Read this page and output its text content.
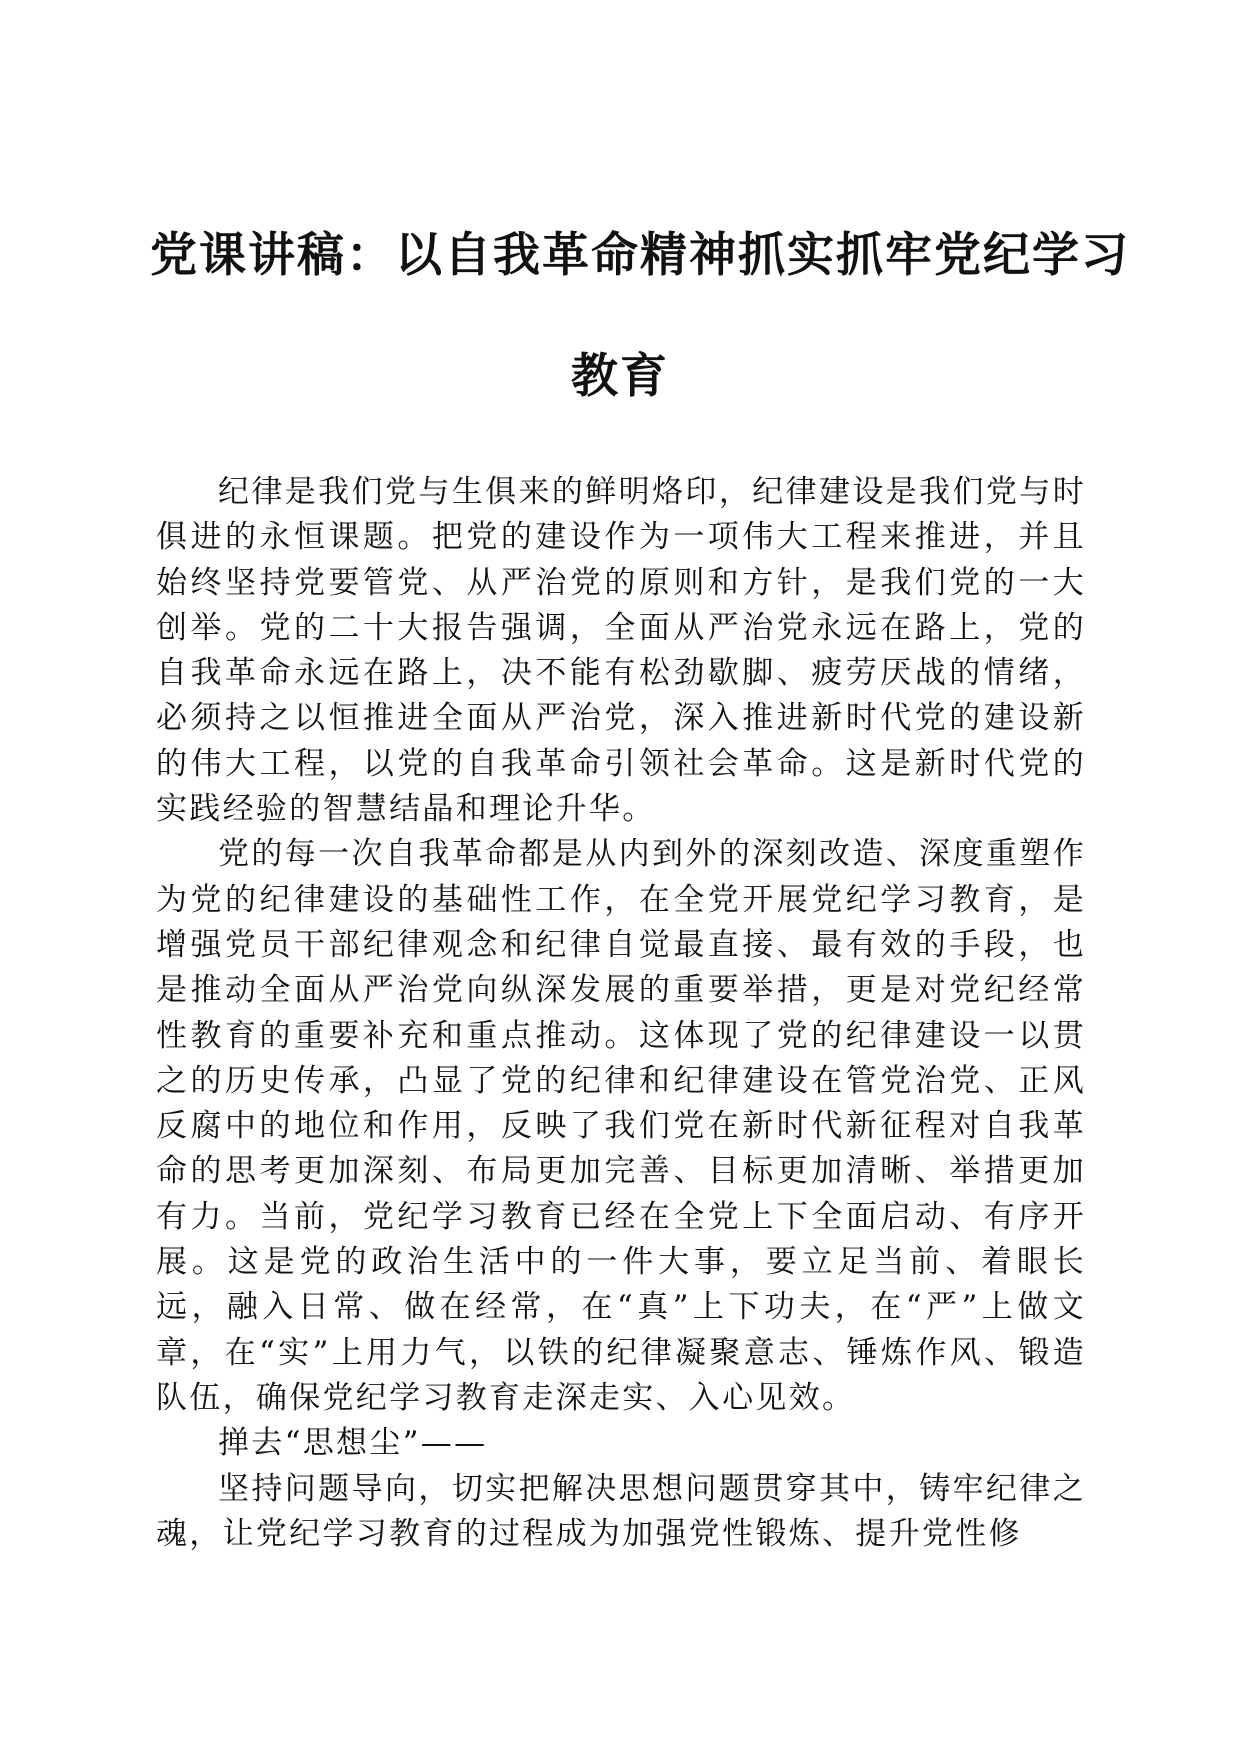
党课讲稿：以自我革命精神抓实抓牢党纪学习
教育

纪律是我们党与生俱来的鲜明烙印，纪律建设是我们党与时俱进的永恒课题。把党的建设作为一项伟大工程来推进，并且始终坚持党要管党、从严治党的原则和方针，是我们党的一大创举。党的二十大报告强调，全面从严治党永远在路上，党的自我革命永远在路上，决不能有松劲歇脚、疲劳厌战的情绪，必须持之以恒推进全面从严治党，深入推进新时代党的建设新的伟大工程，以党的自我革命引领社会革命。这是新时代党的实践经验的智慧结晶和理论升华。

党的每一次自我革命都是从内到外的深刻改造、深度重塑作为党的纪律建设的基础性工作，在全党开展党纪学习教育，是增强党员干部纪律观念和纪律自觉最直接、最有效的手段，也是推动全面从严治党向纵深发展的重要举措，更是对党纪经常性教育的重要补充和重点推动。这体现了党的纪律建设一以贯之的历史传承，凸显了党的纪律和纪律建设在管党治党、正风反腐中的地位和作用，反映了我们党在新时代新征程对自我革命的思考更加深刻、布局更加完善、目标更加清晰、举措更加有力。当前，党纪学习教育已经在全党上下全面启动、有序开展。这是党的政治生活中的一件大事，要立足当前、着眼长远，融入日常、做在经常，在“真”上下功夫，在“严”上做文章，在“实”上用力气，以铁的纪律凝聚意志、锤炼作风、锻造队伍，确保党纪学习教育走深走实、入心见效。

掸去“思想尘”——

坚持问题导向，切实把解决思想问题贯穿其中，铸牢纪律之魂，让党纪学习教育的过程成为加强党性锻炼、提升党性修
